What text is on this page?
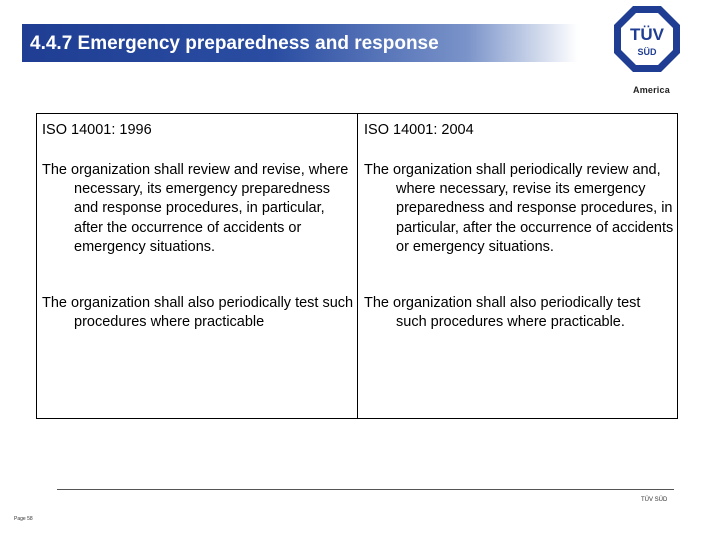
4.4.7 Emergency preparedness and response	TÜV
SÜD
America
ISO 14001: 1996
The organization shall review and revise, where necessary, its emergency preparedness and response procedures, in particular, after the occurrence of accidents or emergency situations.
The organization shall also periodically test such procedures where practicable
ISO 14001: 2004
The organization shall periodically review and, where necessary, revise its emergency preparedness and response procedures, in particular, after the occurrence of accidents or emergency situations.
The organization shall also periodically test such procedures where practicable.
TÜV SÜD
Page 58
